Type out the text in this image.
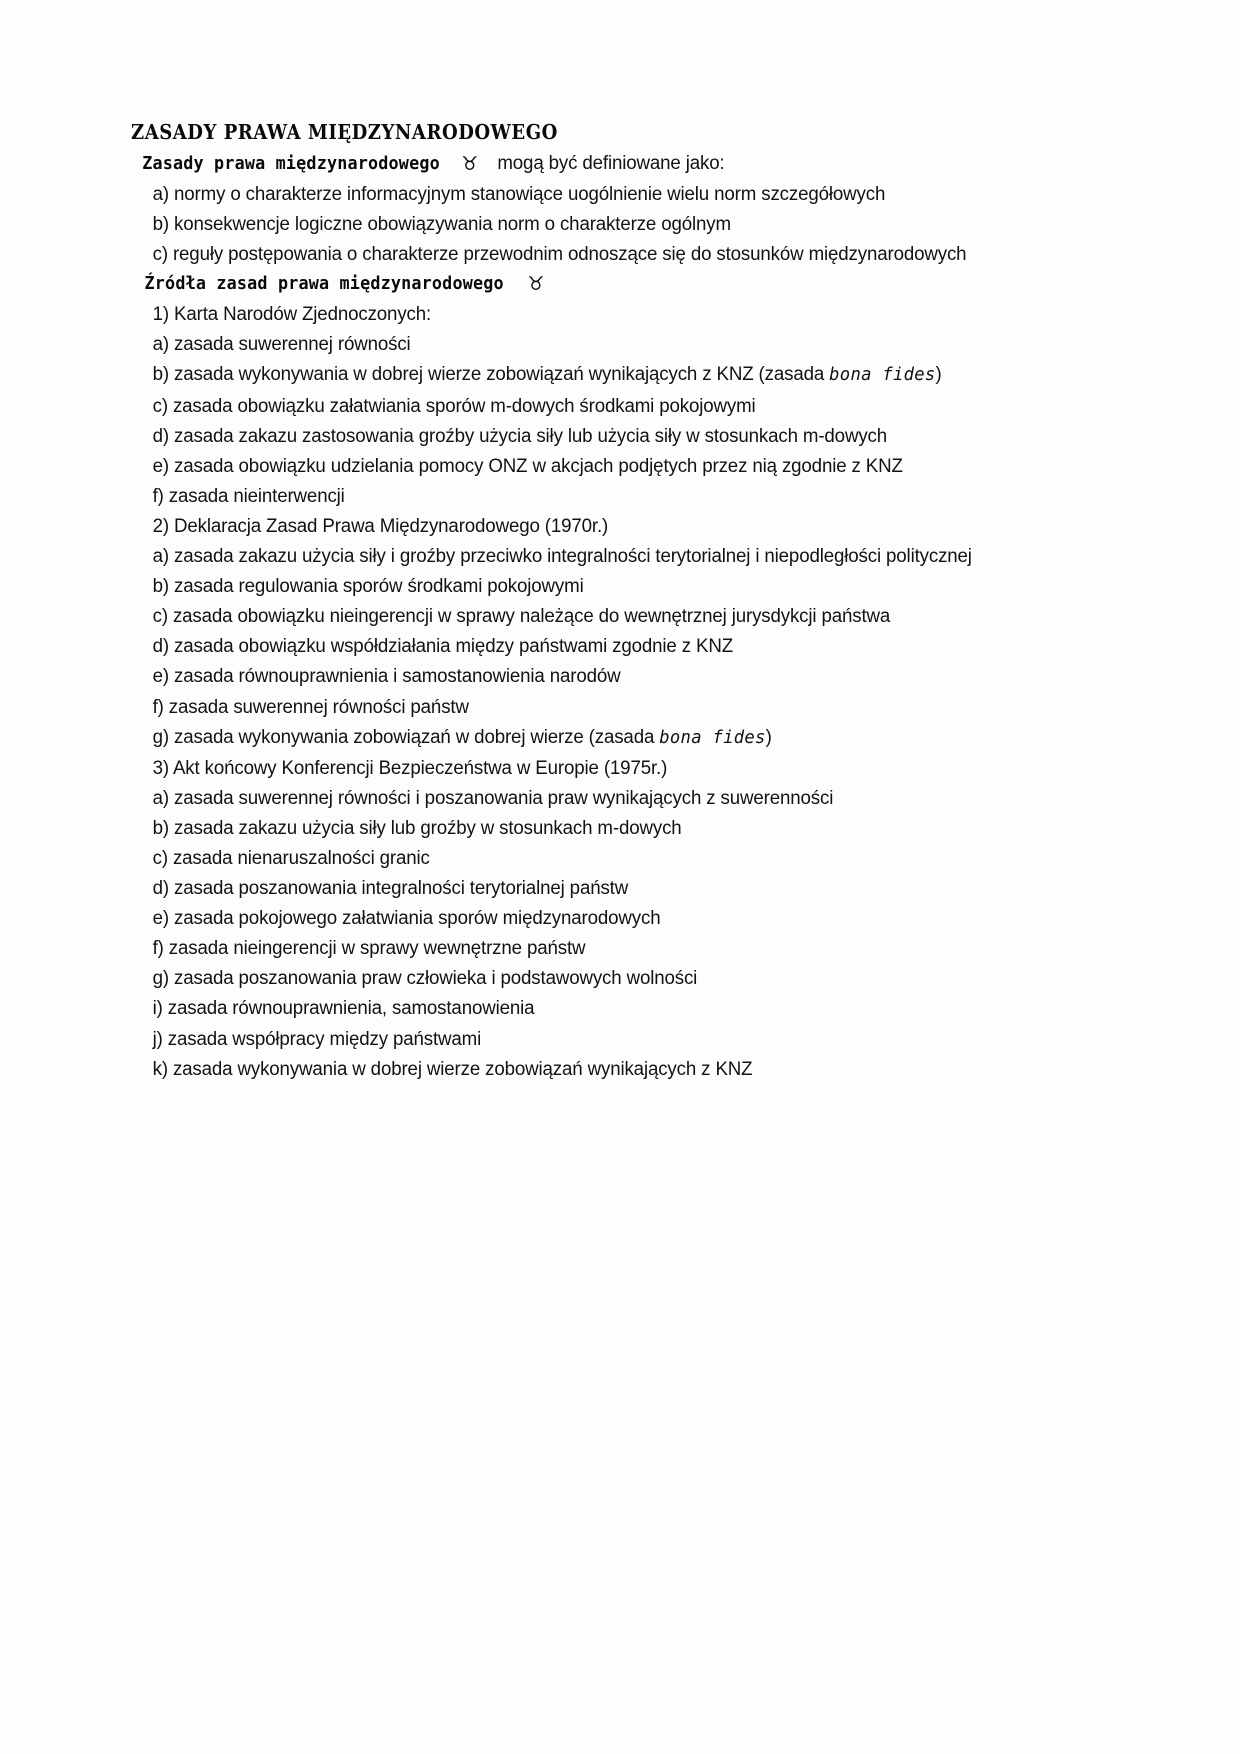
ZASADY PRAWA MIĘDZYNARODOWEGO

Zasady prawa międzynarodowego ♉ mogą być definiowane jako:

a) normy o charakterze informacyjnym stanowiące uogólnienie wielu norm szczegółowych

b) konsekwencje logiczne obowiązywania norm o charakterze ogólnym

c) reguły postępowania o charakterze przewodnim odnoszące się do stosunków międzynarodowych

Źródła zasad prawa międzynarodowego ♉

1) Karta Narodów Zjednoczonych:

a) zasada suwerennej równości

b) zasada wykonywania w dobrej wierze zobowiązań wynikających z KNZ (zasada bona fides)

c) zasada obowiązku załatwiania sporów m-dowych środkami pokojowymi

d) zasada zakazu zastosowania groźby użycia siły lub użycia siły w stosunkach m-dowych

e) zasada obowiązku udzielania pomocy ONZ w akcjach podjętych przez nią zgodnie z KNZ

f) zasada nieinterwencji

2) Deklaracja Zasad Prawa Międzynarodowego (1970r.)

a) zasada zakazu użycia siły i groźby przeciwko integralności terytorialnej i niepodległości politycznej

b) zasada regulowania sporów środkami pokojowymi

c) zasada obowiązku nieingerencji w sprawy należące do wewnętrznej jurysdykcji państwa

d) zasada obowiązku współdziałania między państwami zgodnie z KNZ

e) zasada równouprawnienia i samostanowienia narodów

f) zasada suwerennej równości państw

g) zasada wykonywania zobowiązań w dobrej wierze (zasada bona fides)

3) Akt końcowy Konferencji Bezpieczeństwa w Europie (1975r.)

a) zasada suwerennej równości i poszanowania praw wynikających z suwerenności

b) zasada zakazu użycia siły lub groźby w stosunkach m-dowych

c) zasada nienaruszalności granic

d) zasada poszanowania integralności terytorialnej państw

e) zasada pokojowego załatwiania sporów międzynarodowych

f) zasada nieingerencji w sprawy wewnętrzne państw

g) zasada poszanowania praw człowieka i podstawowych wolności

i) zasada równouprawnienia, samostanowienia

j) zasada współpracy między państwami

k) zasada wykonywania w dobrej wierze zobowiązań wynikających z KNZ
